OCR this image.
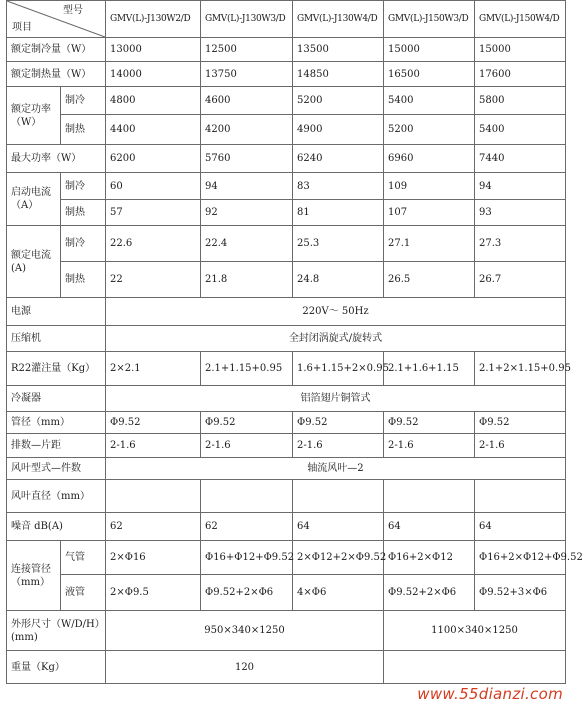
型号
项目		GMV(L)-J130W2/D	GMV(L)-J130W3/D	GMV(L)-J130W4/D	GMV(L)-J150W3/D	GMV(L)-J150W4/D
额定制冷量（W）		13000	12500	13500	15000	15000
额定制热量（W）		14000	13750	14850	16500	17600
额定功率（W）	制冷	4800	4600	5200	5400	5800
	制热	4400	4200	4900	5200	5400
最大功率（W）		6200	5760	6240	6960	7440
启动电流（A）	制冷	60	94	83	109	94
	制热	57	92	81	107	93
额定电流(A)	制冷	22.6	22.4	25.3	27.1	27.3
	制热	22	21.8	24.8	26.5	26.7
电源		220V～ 50Hz				
压缩机		全封闭涡旋式/旋转式				
R22灌注量（Kg）		2×2.1	2.1+1.15+0.95	1.6+1.15+2×0.95	2.1+1.6+1.15	2.1+2×1.15+0.95
冷凝器		铝箔翅片铜管式				
管径（mm）		Φ9.52	Φ9.52	Φ9.52	Φ9.52	Φ9.52
排数—片距		2-1.6	2-1.6	2-1.6	2-1.6	2-1.6
风叶型式—件数		轴流风叶—2				
风叶直径（mm）						
噪音 dB(A)		62	62	64	64	64
连接管径（mm）	气管	2×Φ16	Φ16+Φ12+Φ9.52	2×Φ12+2×Φ9.52	Φ16+2×Φ12	Φ16+2×Φ12+Φ9.52
	液管	2×Φ9.5	Φ9.52+2×Φ6	4×Φ6	Φ9.52+2×Φ6	Φ9.52+3×Φ6
外形尺寸（W/D/H）(mm)		950×340×1250			1100×340×1250	
重量（Kg）		120				
www.55dianzi.com
